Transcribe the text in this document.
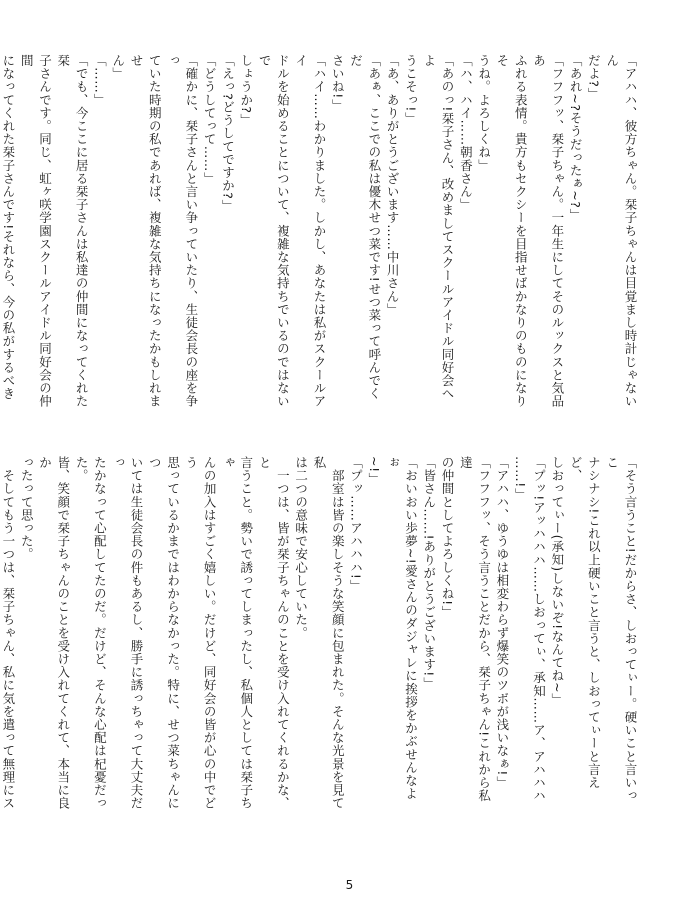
「アハハ、彼方ちゃん。栞子ちゃんは目覚まし時計じゃないん
だよ?」
「あれ~?そうだったぁ~?」
「フフフッ、栞子ちゃん。一年生にしてそのルックスと気品あ
ふれる表情。貴方もセクシーを目指せばかなりのものになりそ
うね。よろしくね」
「ハ、ハイ……朝香さん」
「あのっ!栞子さん、改めましてスクールアイドル同好会へよ
うこそっ!」
「あ、ありがとうございます……中川さん」
「あぁ、ここでの私は優木せつ菜です!せつ菜って呼んでくだ
さいね!」
「ハイ……わかりました。しかし、あなたは私がスクールアイ
ドルを始めることについて、複雑な気持ちでいるのではないで
しょうか?」
「えっ?どうしてですか?」
「どうしてって……」
「確かに、栞子さんと言い争っていたり、生徒会長の座を争っ
ていた時期の私であれば、複雑な気持ちになったかもしれませ
ん」
「……」
「でも、今ここに居る栞子さんは私達の仲間になってくれた栞
子さんです。同じ、虹ヶ咲学園スクールアイドル同好会の仲間
になってくれた栞子さんです!それなら、今の私がするべき
「そう言うこと!だからさ、しおってぃー。硬いこと言いっこ
ナシナシ!これ以上硬いこと言うと、しおってぃーと言えど、
しおってぃー(承知)しないぞ!なんてね~」
「プッ!アッハハハ……しおってぃ、承知……ア、アハハハ
……!」
「アハハ、ゆうゆは相変わらず爆笑のツボが浅いなぁ!」
「フフフッ、そう言うことだから、栞子ちゃん!これから私達
の仲間としてよろしくね!」
「皆さん……!ありがとうございます!」
「おいおい歩夢~!愛さんのダジャレに挨拶をかぶせんなよぉ
~!」
「プッ……アハハハ!」
　部室は皆の楽しそうな笑顔に包まれた。そんな光景を見て私
は二つの意味で安心していた。
　一つは、皆が栞子ちゃんのことを受け入れてくれるかな、と
言うこと。勢いで誘ってしまったし、私個人としては栞子ちゃ
んの加入はすごく嬉しい。だけど、同好会の皆が心の中でどう
思っているかまではわからなかった。特に、せつ菜ちゃんにつ
いては生徒会長の件もあるし、勝手に誘っちゃって大丈夫だっ
たかなって心配してたのだ。だけど、そんな心配は杞憂だった。
皆、笑顔で栞子ちゃんのことを受け入れてくれて、本当に良か
ったって思った。
　そしてもう一つは、栞子ちゃん、私に気を遣って無理にス
5
